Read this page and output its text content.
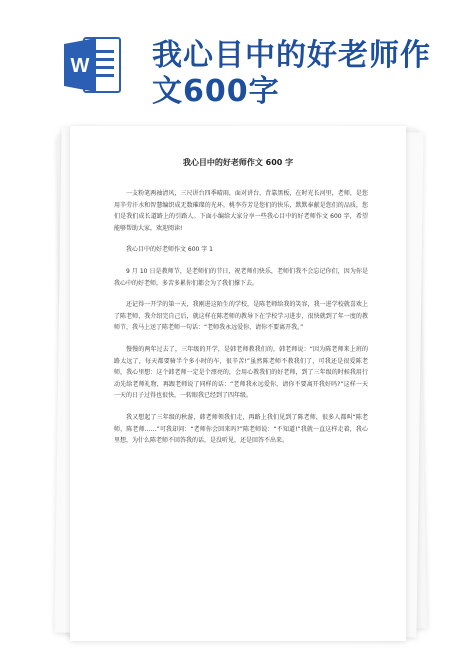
W 我心目中的好老师作
文600字
我心目中的好老师作文 600 字

一支粉笔两袖清风，三尺讲台四季晴雨，面对讲台，背靠黑板，在时光长河里，老师，是您用辛劳汗水和智慧编织成无数璀璨的光环。桃李芬芳是您们的快乐，默默奉献是您们的品质，您们是我们成长道路上的引路人。下面小编给大家分享一些我心目中的好老师作文 600 字，希望能够帮助大家，欢迎阅读!

我心目中的好老师作文 600 字 1

9 月 10 日是教师节，是老师们的节日，祝老师们快乐，老师们我不会忘记你们，因为你是我心中的好老师，多苦多累你们都会为了我们撑下去。

还记得一开学的第一天，我刚进这陌生的学校，是陈老师给我的笑容，我一进学校就喜欢上了陈老师，我介绍完自己后，就这样在陈老师的教导下在学校学习进步，很快就到了年一度的教师节，我马上送了陈老师一句话：“老师我永远爱你，请你不要离开我。”

慢慢的两年过去了，三年级的开学，是韩老师教我们的，韩老师说：“因为陈老师来上班的路太远了，每天都要骑半个多小时的车，很辛苦!”虽然陈老师不教我们了，可我还是很爱陈老师，我心里想：这个韩老师一定是个漂亮的，会用心教我们的好老师，到了三年级的时候我用行动先给老师礼物，再跟老师说了同样的话：“老师我永远爱你，请你不要离开我好吗?”这样一天一天的日子过得也很快，一转眼我已经到了四年级。

我又想起了三年级的秋游，韩老师领我们走，再路上我们见到了陈老师，很多人都叫“陈老师，陈老师……”可我却问：“老师你会回来吗?”陈老师说：“不知道!”我就一直这样走着，我心里想，为什么陈老师不回答我的话，是没听见，还是回答不出来。
